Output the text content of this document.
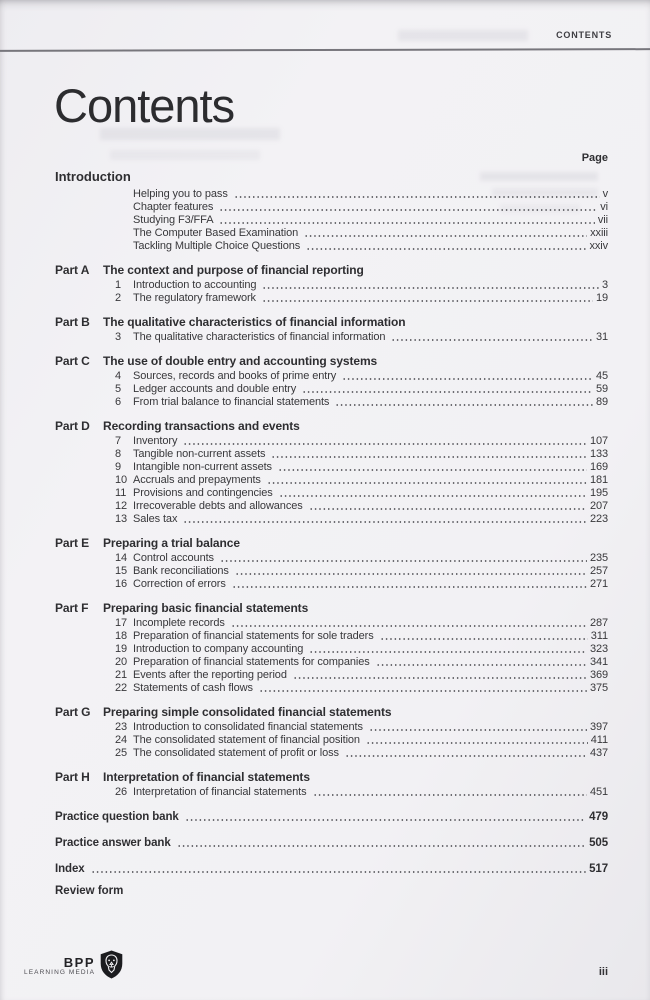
CONTENTS
Contents
Page
Introduction
Helping you to pass	v
Chapter features	vi
Studying F3/FFA	vii
The Computer Based Examination	xxiii
Tackling Multiple Choice Questions	xxiv
Part A	The context and purpose of financial reporting
1	Introduction to accounting	3
2	The regulatory framework	19
Part B	The qualitative characteristics of financial information
3	The qualitative characteristics of financial information	31
Part C	The use of double entry and accounting systems
4	Sources, records and books of prime entry	45
5	Ledger accounts and double entry	59
6	From trial balance to financial statements	89
Part D	Recording transactions and events
7	Inventory	107
8	Tangible non-current assets	133
9	Intangible non-current assets	169
10 Accruals and prepayments	181
11 Provisions and contingencies	195
12 Irrecoverable debts and allowances	207
13 Sales tax	223
Part E	Preparing a trial balance
14 Control accounts	235
15 Bank reconciliations	257
16 Correction of errors	271
Part F	Preparing basic financial statements
17 Incomplete records	287
18 Preparation of financial statements for sole traders	311
19 Introduction to company accounting	323
20 Preparation of financial statements for companies	341
21 Events after the reporting period	369
22 Statements of cash flows	375
Part G	Preparing simple consolidated financial statements
23 Introduction to consolidated financial statements	397
24 The consolidated statement of financial position	411
25 The consolidated statement of profit or loss	437
Part H	Interpretation of financial statements
26 Interpretation of financial statements	451
Practice question bank	479
Practice answer bank	505
Index	517
Review form
BPP
LEARNING MEDIA	iii
